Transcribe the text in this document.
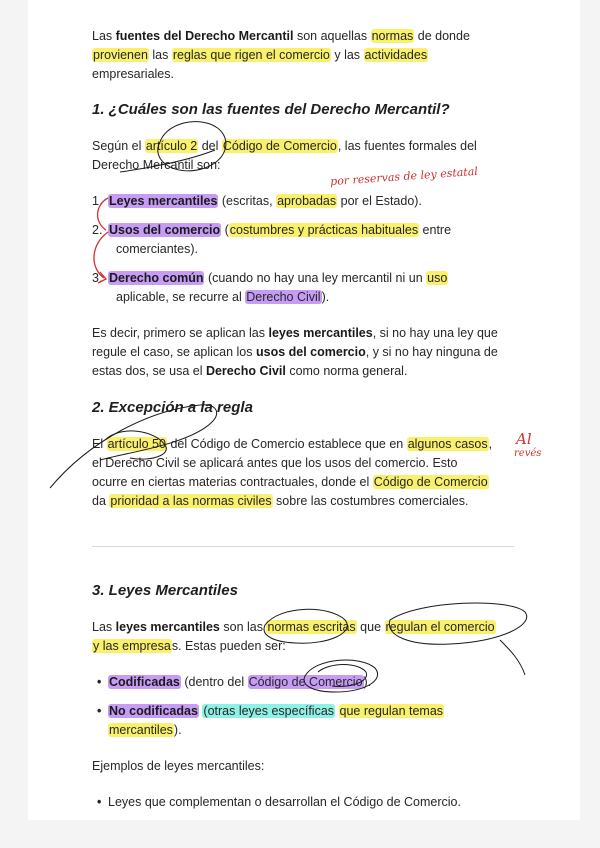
Las fuentes del Derecho Mercantil son aquellas normas de donde
provienen las reglas que rigen el comercio y las actividades
empresariales.

1. ¿Cuáles son las fuentes del Derecho Mercantil?

Según el artículo 2 del Código de Comercio, las fuentes formales del
Derecho Mercantil son:

1. Leyes mercantiles (escritas, aprobadas por el Estado).

2. Usos del comercio (costumbres y prácticas habituales entre
comerciantes).

3. Derecho común (cuando no hay una ley mercantil ni un uso
aplicable, se recurre al Derecho Civil).

Es decir, primero se aplican las leyes mercantiles, si no hay una ley que
regule el caso, se aplican los usos del comercio, y si no hay ninguna de
estas dos, se usa el Derecho Civil como norma general.

2. Excepción a la regla

El artículo 50 del Código de Comercio establece que en algunos casos,
el Derecho Civil se aplicará antes que los usos del comercio. Esto
ocurre en ciertas materias contractuales, donde el Código de Comercio
da prioridad a las normas civiles sobre las costumbres comerciales.

3. Leyes Mercantiles

Las leyes mercantiles son las normas escritas que regulan el comercio
y las empresas. Estas pueden ser:

• Codificadas (dentro del Código de Comercio).

• No codificadas (otras leyes específicas que regulan temas
mercantiles).

Ejemplos de leyes mercantiles:

• Leyes que complementan o desarrollan el Código de Comercio.

por reservas de ley estatal
Al
revés
